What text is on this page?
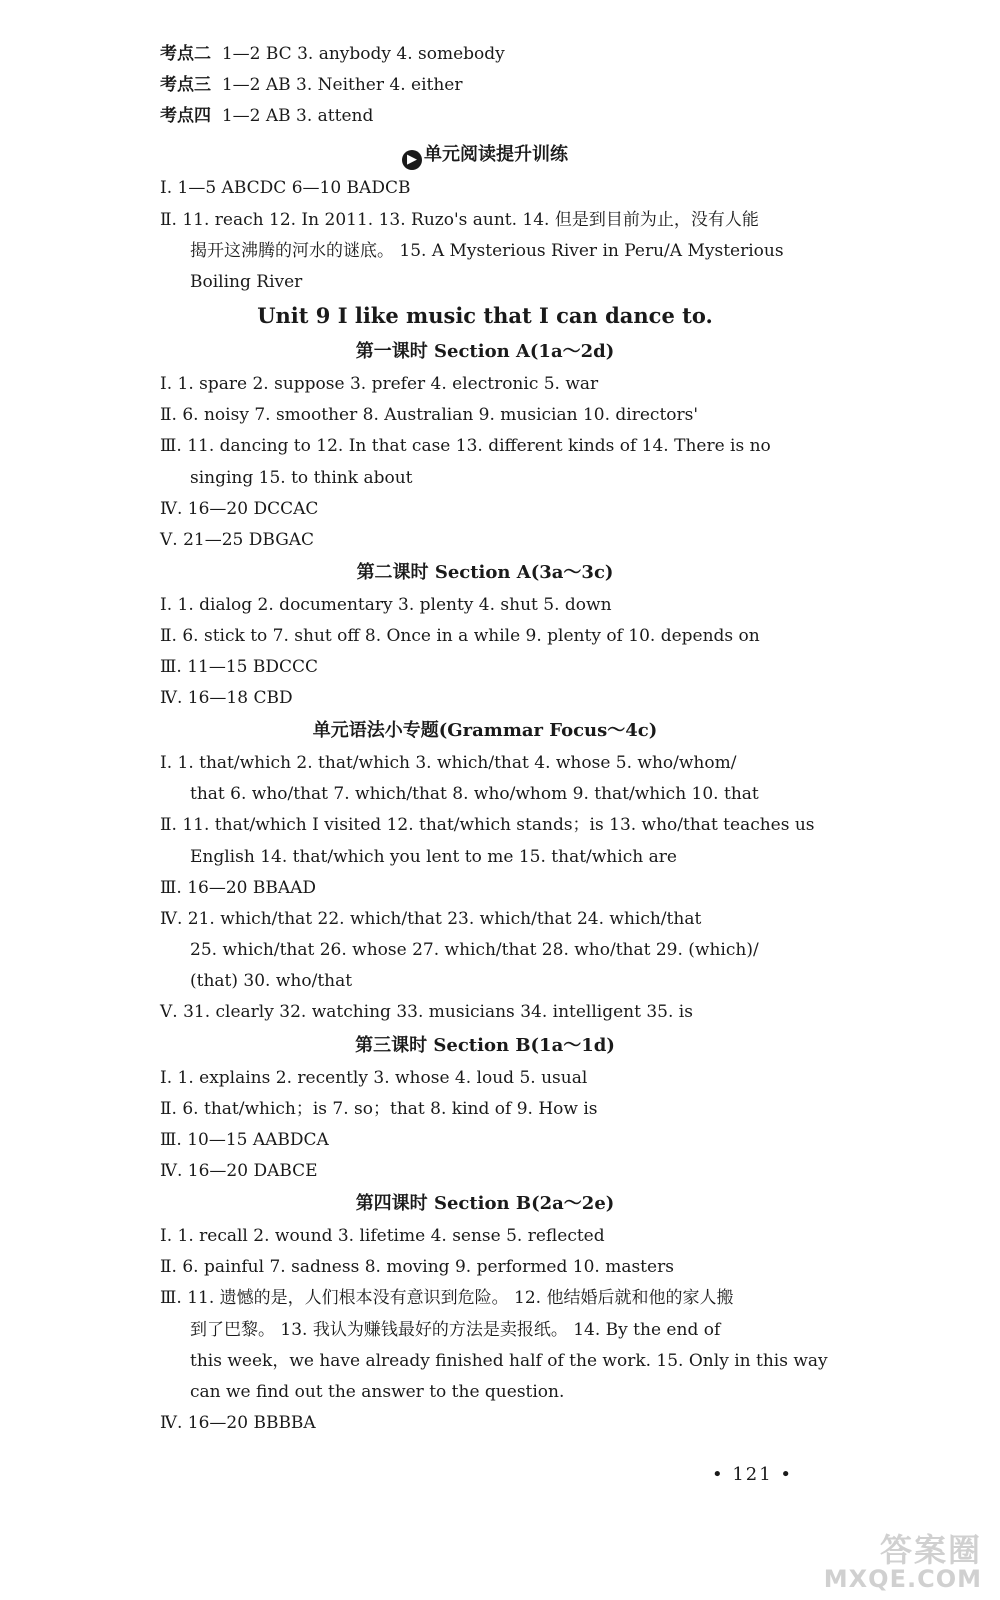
考点二 1—2 BC 3. anybody 4. somebody
考点三 1—2 AB 3. Neither 4. either
考点四 1—2 AB 3. attend
▶ 单元阅读提升训练
Ⅰ. 1—5 ABCDC 6—10 BADCB
Ⅱ. 11. reach 12. In 2011. 13. Ruzo's aunt. 14. 但是到目前为止，没有人能
揭开这沸腾的河水的谜底。 15. A Mysterious River in Peru/A Mysterious
Boiling River
Unit 9 I like music that I can dance to.
第一课时 Section A(1a～2d)
Ⅰ. 1. spare 2. suppose 3. prefer 4. electronic 5. war
Ⅱ. 6. noisy 7. smoother 8. Australian 9. musician 10. directors'
Ⅲ. 11. dancing to 12. In that case 13. different kinds of 14. There is no
singing 15. to think about
Ⅳ. 16—20 DCCAC
Ⅴ. 21—25 DBGAC
第二课时 Section A(3a～3c)
Ⅰ. 1. dialog 2. documentary 3. plenty 4. shut 5. down
Ⅱ. 6. stick to 7. shut off 8. Once in a while 9. plenty of 10. depends on
Ⅲ. 11—15 BDCCC
Ⅳ. 16—18 CBD
单元语法小专题(Grammar Focus～4c)
Ⅰ. 1. that/which 2. that/which 3. which/that 4. whose 5. who/whom/
that 6. who/that 7. which/that 8. who/whom 9. that/which 10. that
Ⅱ. 11. that/which I visited 12. that/which stands；is 13. who/that teaches us
English 14. that/which you lent to me 15. that/which are
Ⅲ. 16—20 BBAAD
Ⅳ. 21. which/that 22. which/that 23. which/that 24. which/that
25. which/that 26. whose 27. which/that 28. who/that 29. (which)/
(that) 30. who/that
Ⅴ. 31. clearly 32. watching 33. musicians 34. intelligent 35. is
第三课时 Section B(1a～1d)
Ⅰ. 1. explains 2. recently 3. whose 4. loud 5. usual
Ⅱ. 6. that/which；is 7. so；that 8. kind of 9. How is
Ⅲ. 10—15 AABDCA
Ⅳ. 16—20 DABCE
第四课时 Section B(2a～2e)
Ⅰ. 1. recall 2. wound 3. lifetime 4. sense 5. reflected
Ⅱ. 6. painful 7. sadness 8. moving 9. performed 10. masters
Ⅲ. 11. 遗憾的是，人们根本没有意识到危险。 12. 他结婚后就和他的家人搬
到了巴黎。 13. 我认为赚钱最好的方法是卖报纸。 14. By the end of
this week，we have already finished half of the work. 15. Only in this way
can we find out the answer to the question.
Ⅳ. 16—20 BBBBA
• 121 •
答案圈
MXQE.COM
